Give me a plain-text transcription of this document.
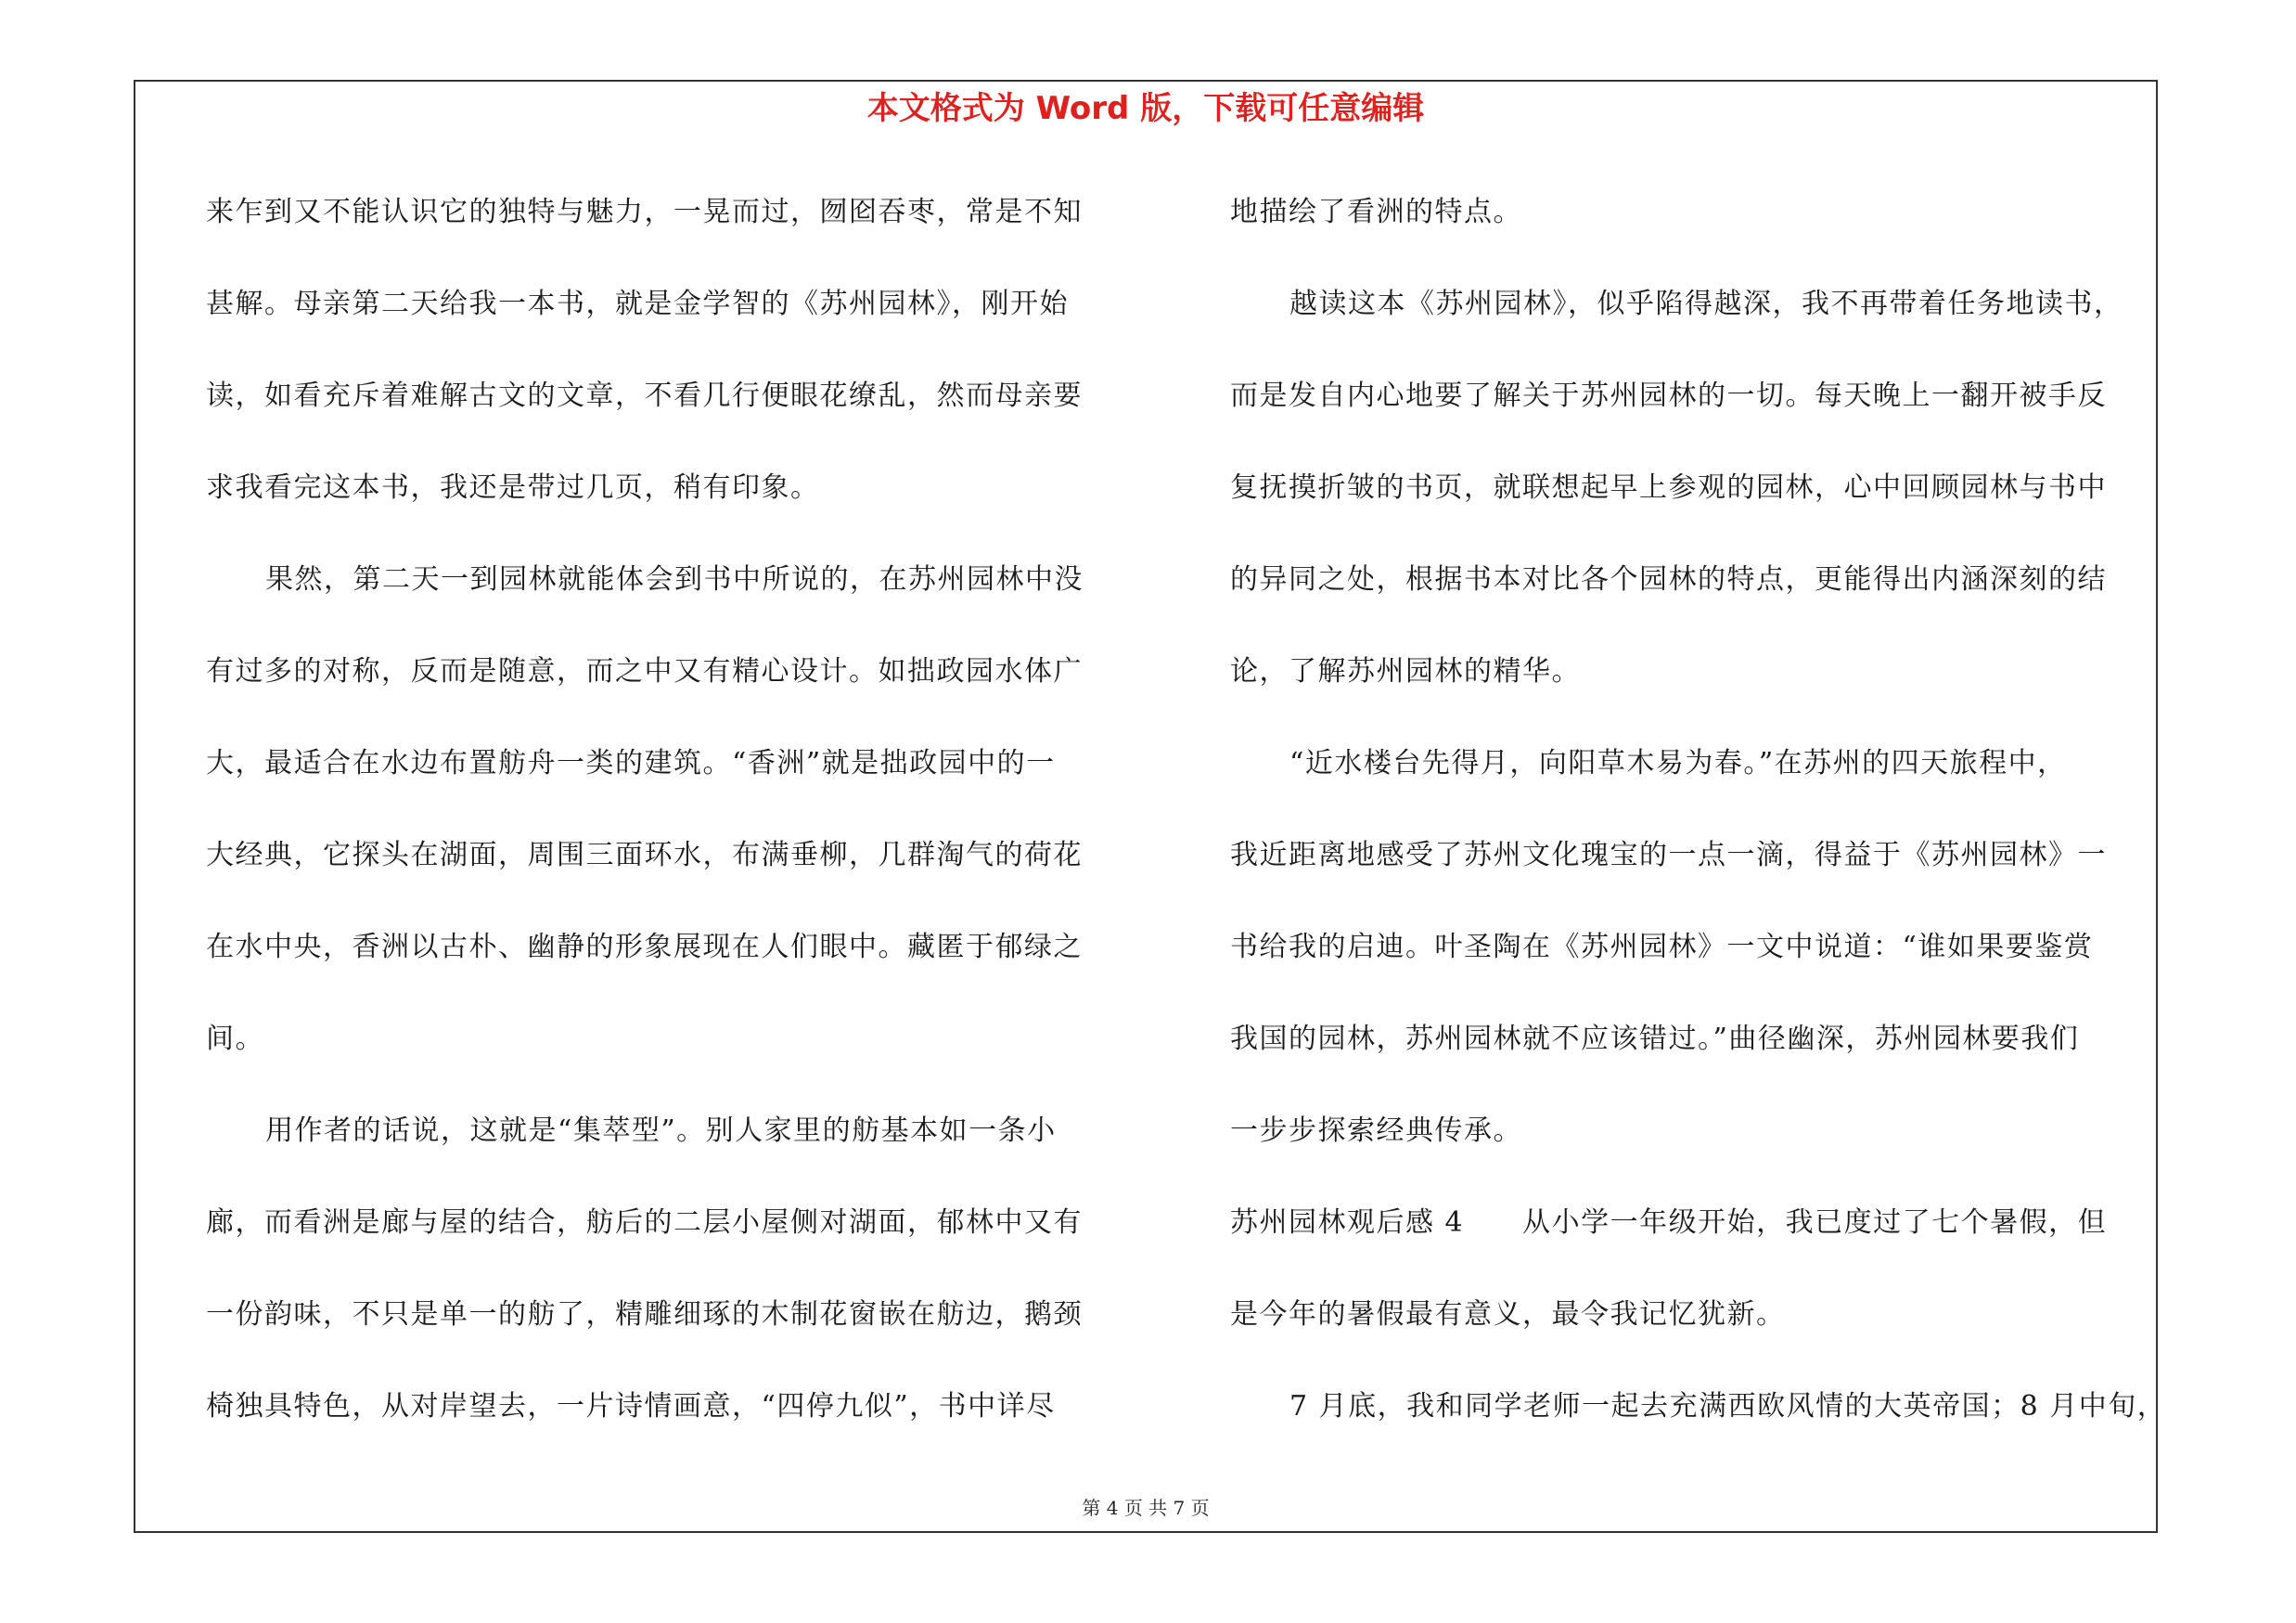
本文格式为 Word 版，下载可任意编辑
来乍到又不能认识它的独特与魅力，一晃而过，囫囵吞枣，常是不知
甚解。母亲第二天给我一本书，就是金学智的《苏州园林》，刚开始
读，如看充斥着难解古文的文章，不看几行便眼花缭乱，然而母亲要
求我看完这本书，我还是带过几页，稍有印象。
果然，第二天一到园林就能体会到书中所说的，在苏州园林中没
有过多的对称，反而是随意，而之中又有精心设计。如拙政园水体广
大，最适合在水边布置舫舟一类的建筑。“香洲”就是拙政园中的一
大经典，它探头在湖面，周围三面环水，布满垂柳，几群淘气的荷花
在水中央，香洲以古朴、幽静的形象展现在人们眼中。藏匿于郁绿之
间。
用作者的话说，这就是“集萃型”。别人家里的舫基本如一条小
廊，而看洲是廊与屋的结合，舫后的二层小屋侧对湖面，郁林中又有
一份韵味，不只是单一的舫了，精雕细琢的木制花窗嵌在舫边，鹅颈
椅独具特色，从对岸望去，一片诗情画意，“四停九似”，书中详尽
地描绘了看洲的特点。
越读这本《苏州园林》，似乎陷得越深，我不再带着任务地读书，
而是发自内心地要了解关于苏州园林的一切。每天晚上一翻开被手反
复抚摸折皱的书页，就联想起早上参观的园林，心中回顾园林与书中
的异同之处，根据书本对比各个园林的特点，更能得出内涵深刻的结
论，了解苏州园林的精华。
“近水楼台先得月，向阳草木易为春。”在苏州的四天旅程中，
我近距离地感受了苏州文化瑰宝的一点一滴，得益于《苏州园林》一
书给我的启迪。叶圣陶在《苏州园林》一文中说道：“谁如果要鉴赏
我国的园林，苏州园林就不应该错过。”曲径幽深，苏州园林要我们
一步步探索经典传承。
苏州园林观后感 4　　从小学一年级开始，我已度过了七个暑假，但
是今年的暑假最有意义，最令我记忆犹新。
7 月底，我和同学老师一起去充满西欧风情的大英帝国；8 月中旬，
第 4 页 共 7 页
